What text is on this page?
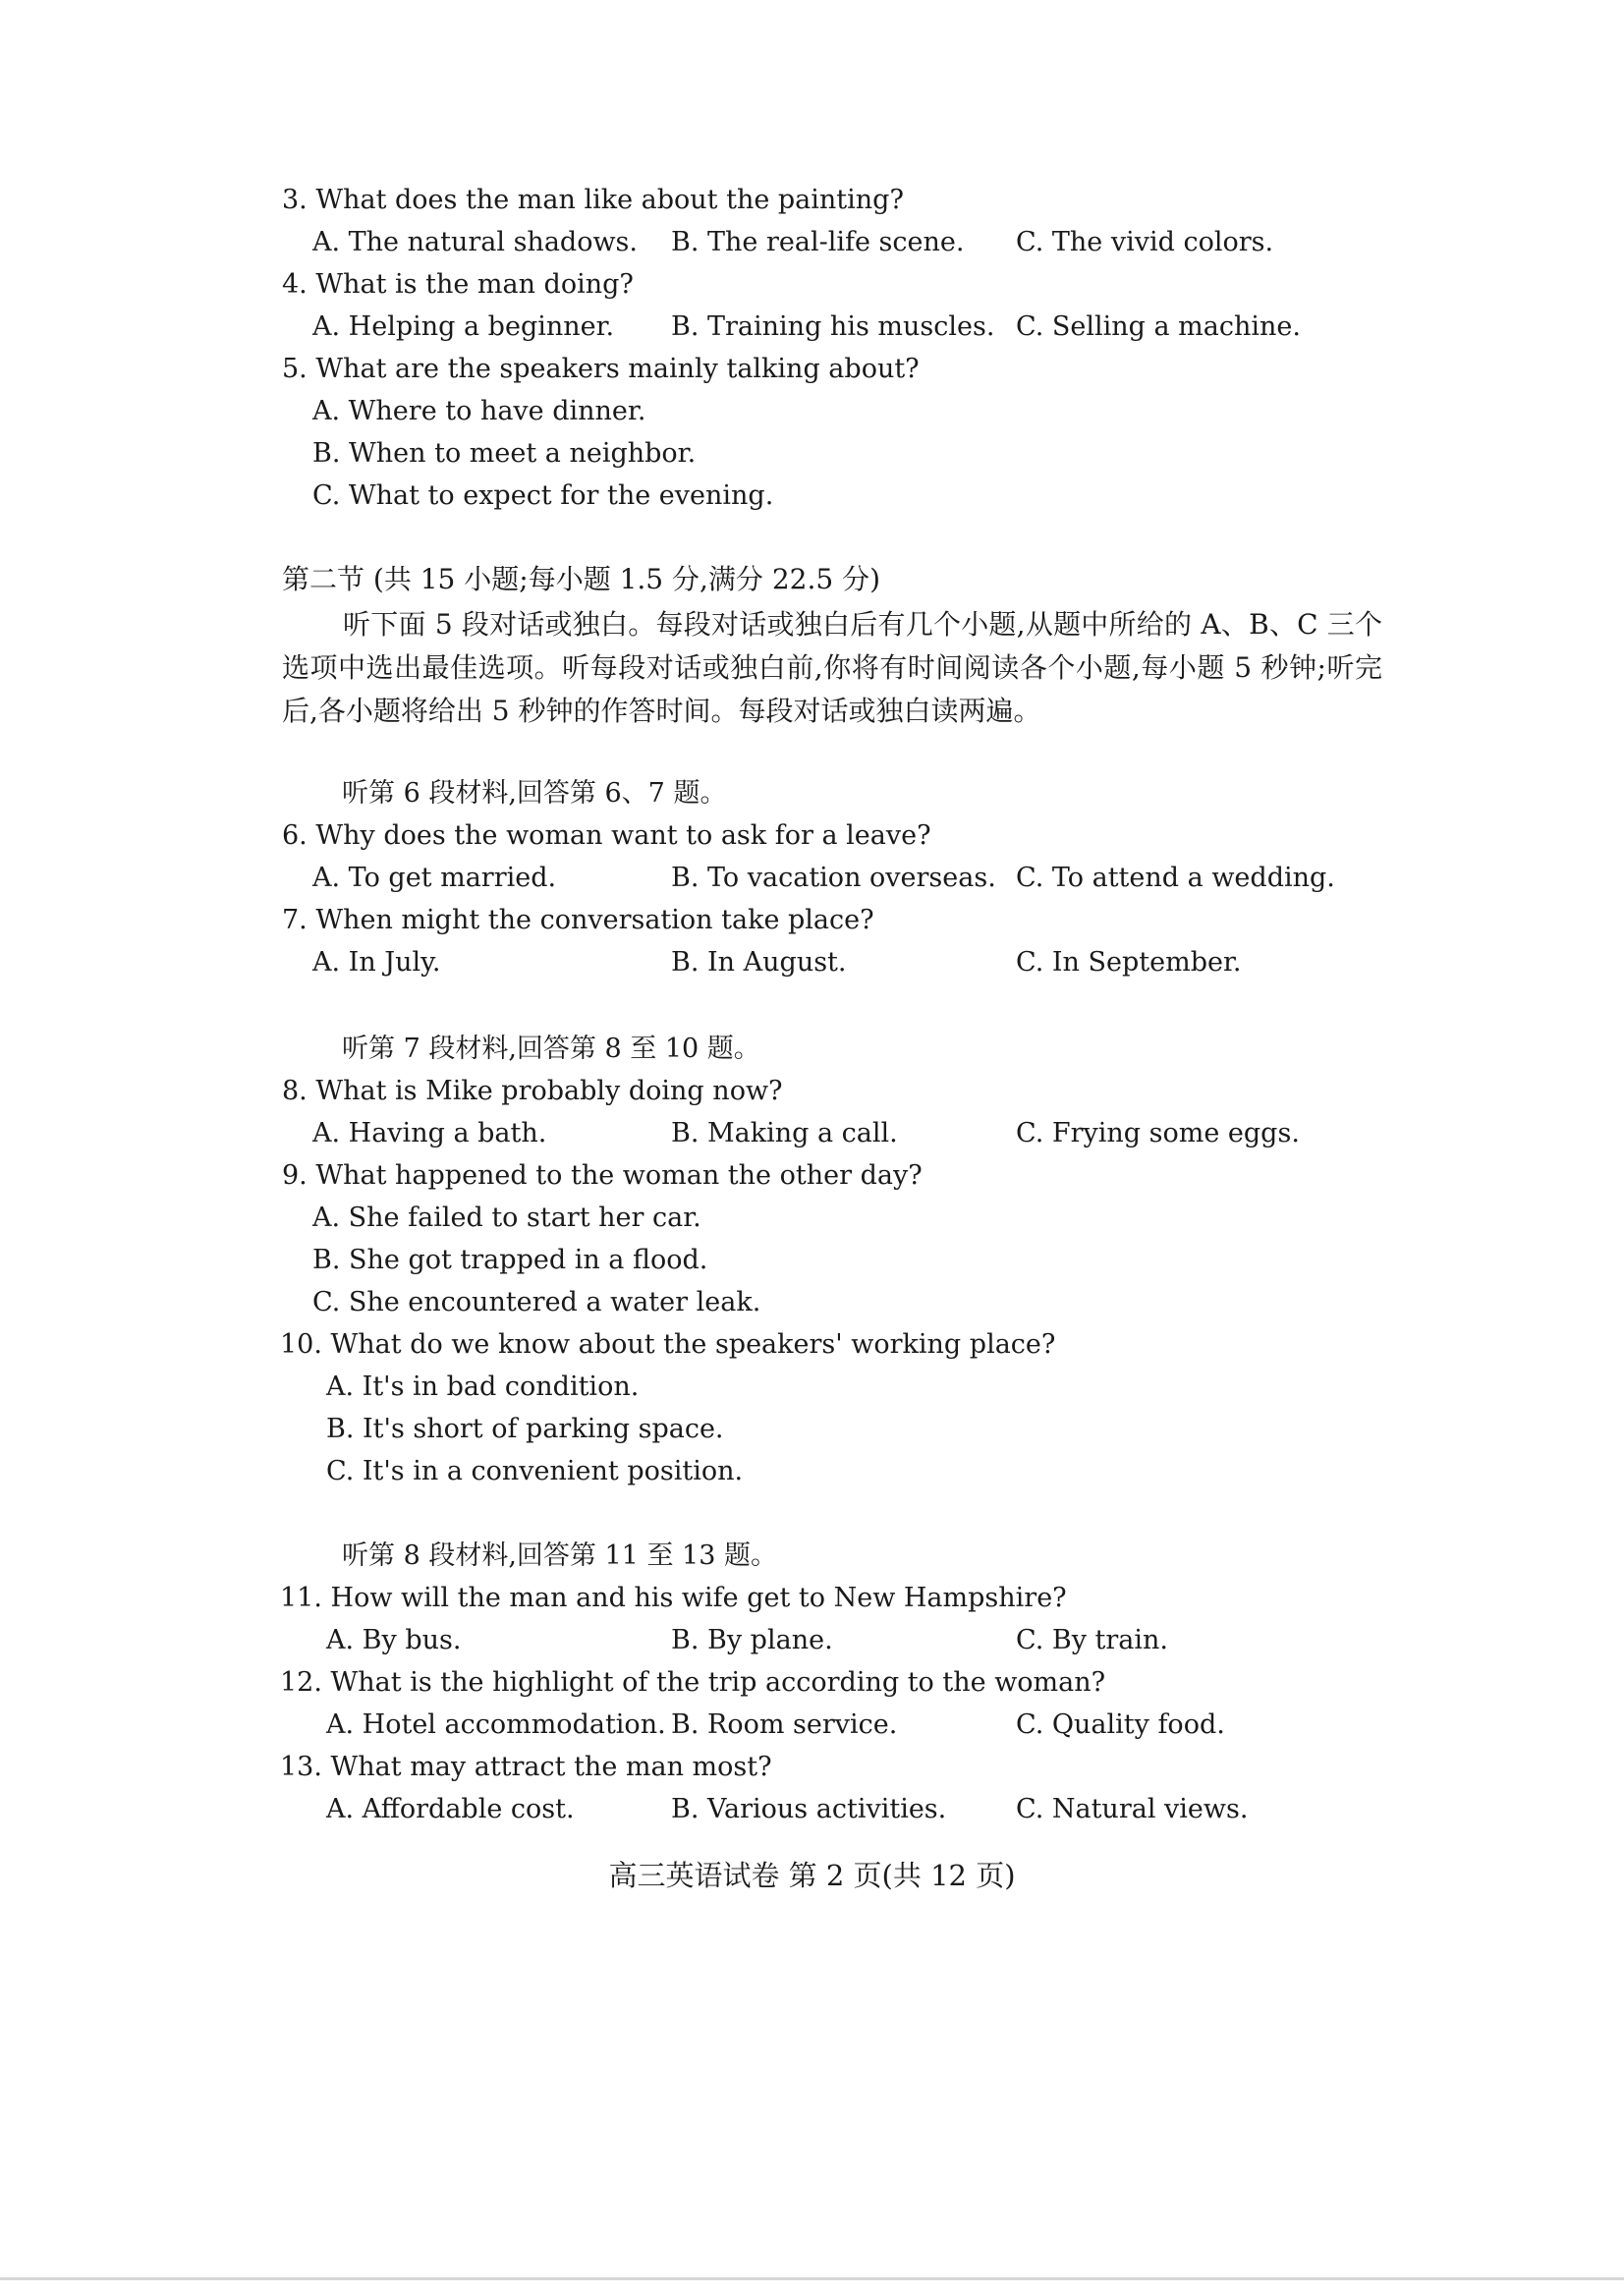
3. What does the man like about the painting?
A. The natural shadows. B. The real-life scene. C. The vivid colors.
4. What is the man doing?
A. Helping a beginner. B. Training his muscles. C. Selling a machine.
5. What are the speakers mainly talking about?
A. Where to have dinner.
B. When to meet a neighbor.
C. What to expect for the evening.
第二节 (共 15 小题;每小题 1.5 分,满分 22.5 分)
听下面 5 段对话或独白。每段对话或独白后有几个小题,从题中所给的 A、B、C 三个选项中选出最佳选项。听每段对话或独白前,你将有时间阅读各个小题,每小题 5 秒钟;听完后,各小题将给出 5 秒钟的作答时间。每段对话或独白读两遍。
听第 6 段材料,回答第 6、7 题。
6. Why does the woman want to ask for a leave?
A. To get married.	B. To vacation overseas. C. To attend a wedding.
7. When might the conversation take place?
A. In July.	B. In August.	C. In September.
听第 7 段材料,回答第 8 至 10 题。
8. What is Mike probably doing now?
A. Having a bath.	B. Making a call.	C. Frying some eggs.
9. What happened to the woman the other day?
A. She failed to start her car.
B. She got trapped in a flood.
C. She encountered a water leak.
10. What do we know about the speakers' working place?
A. It's in bad condition.
B. It's short of parking space.
C. It's in a convenient position.
听第 8 段材料,回答第 11 至 13 题。
11. How will the man and his wife get to New Hampshire?
A. By bus.	B. By plane.	C. By train.
12. What is the highlight of the trip according to the woman?
A. Hotel accommodation. B. Room service.	C. Quality food.
13. What may attract the man most?
A. Affordable cost.	B. Various activities.	C. Natural views.
高三英语试卷 第 2 页(共 12 页)
